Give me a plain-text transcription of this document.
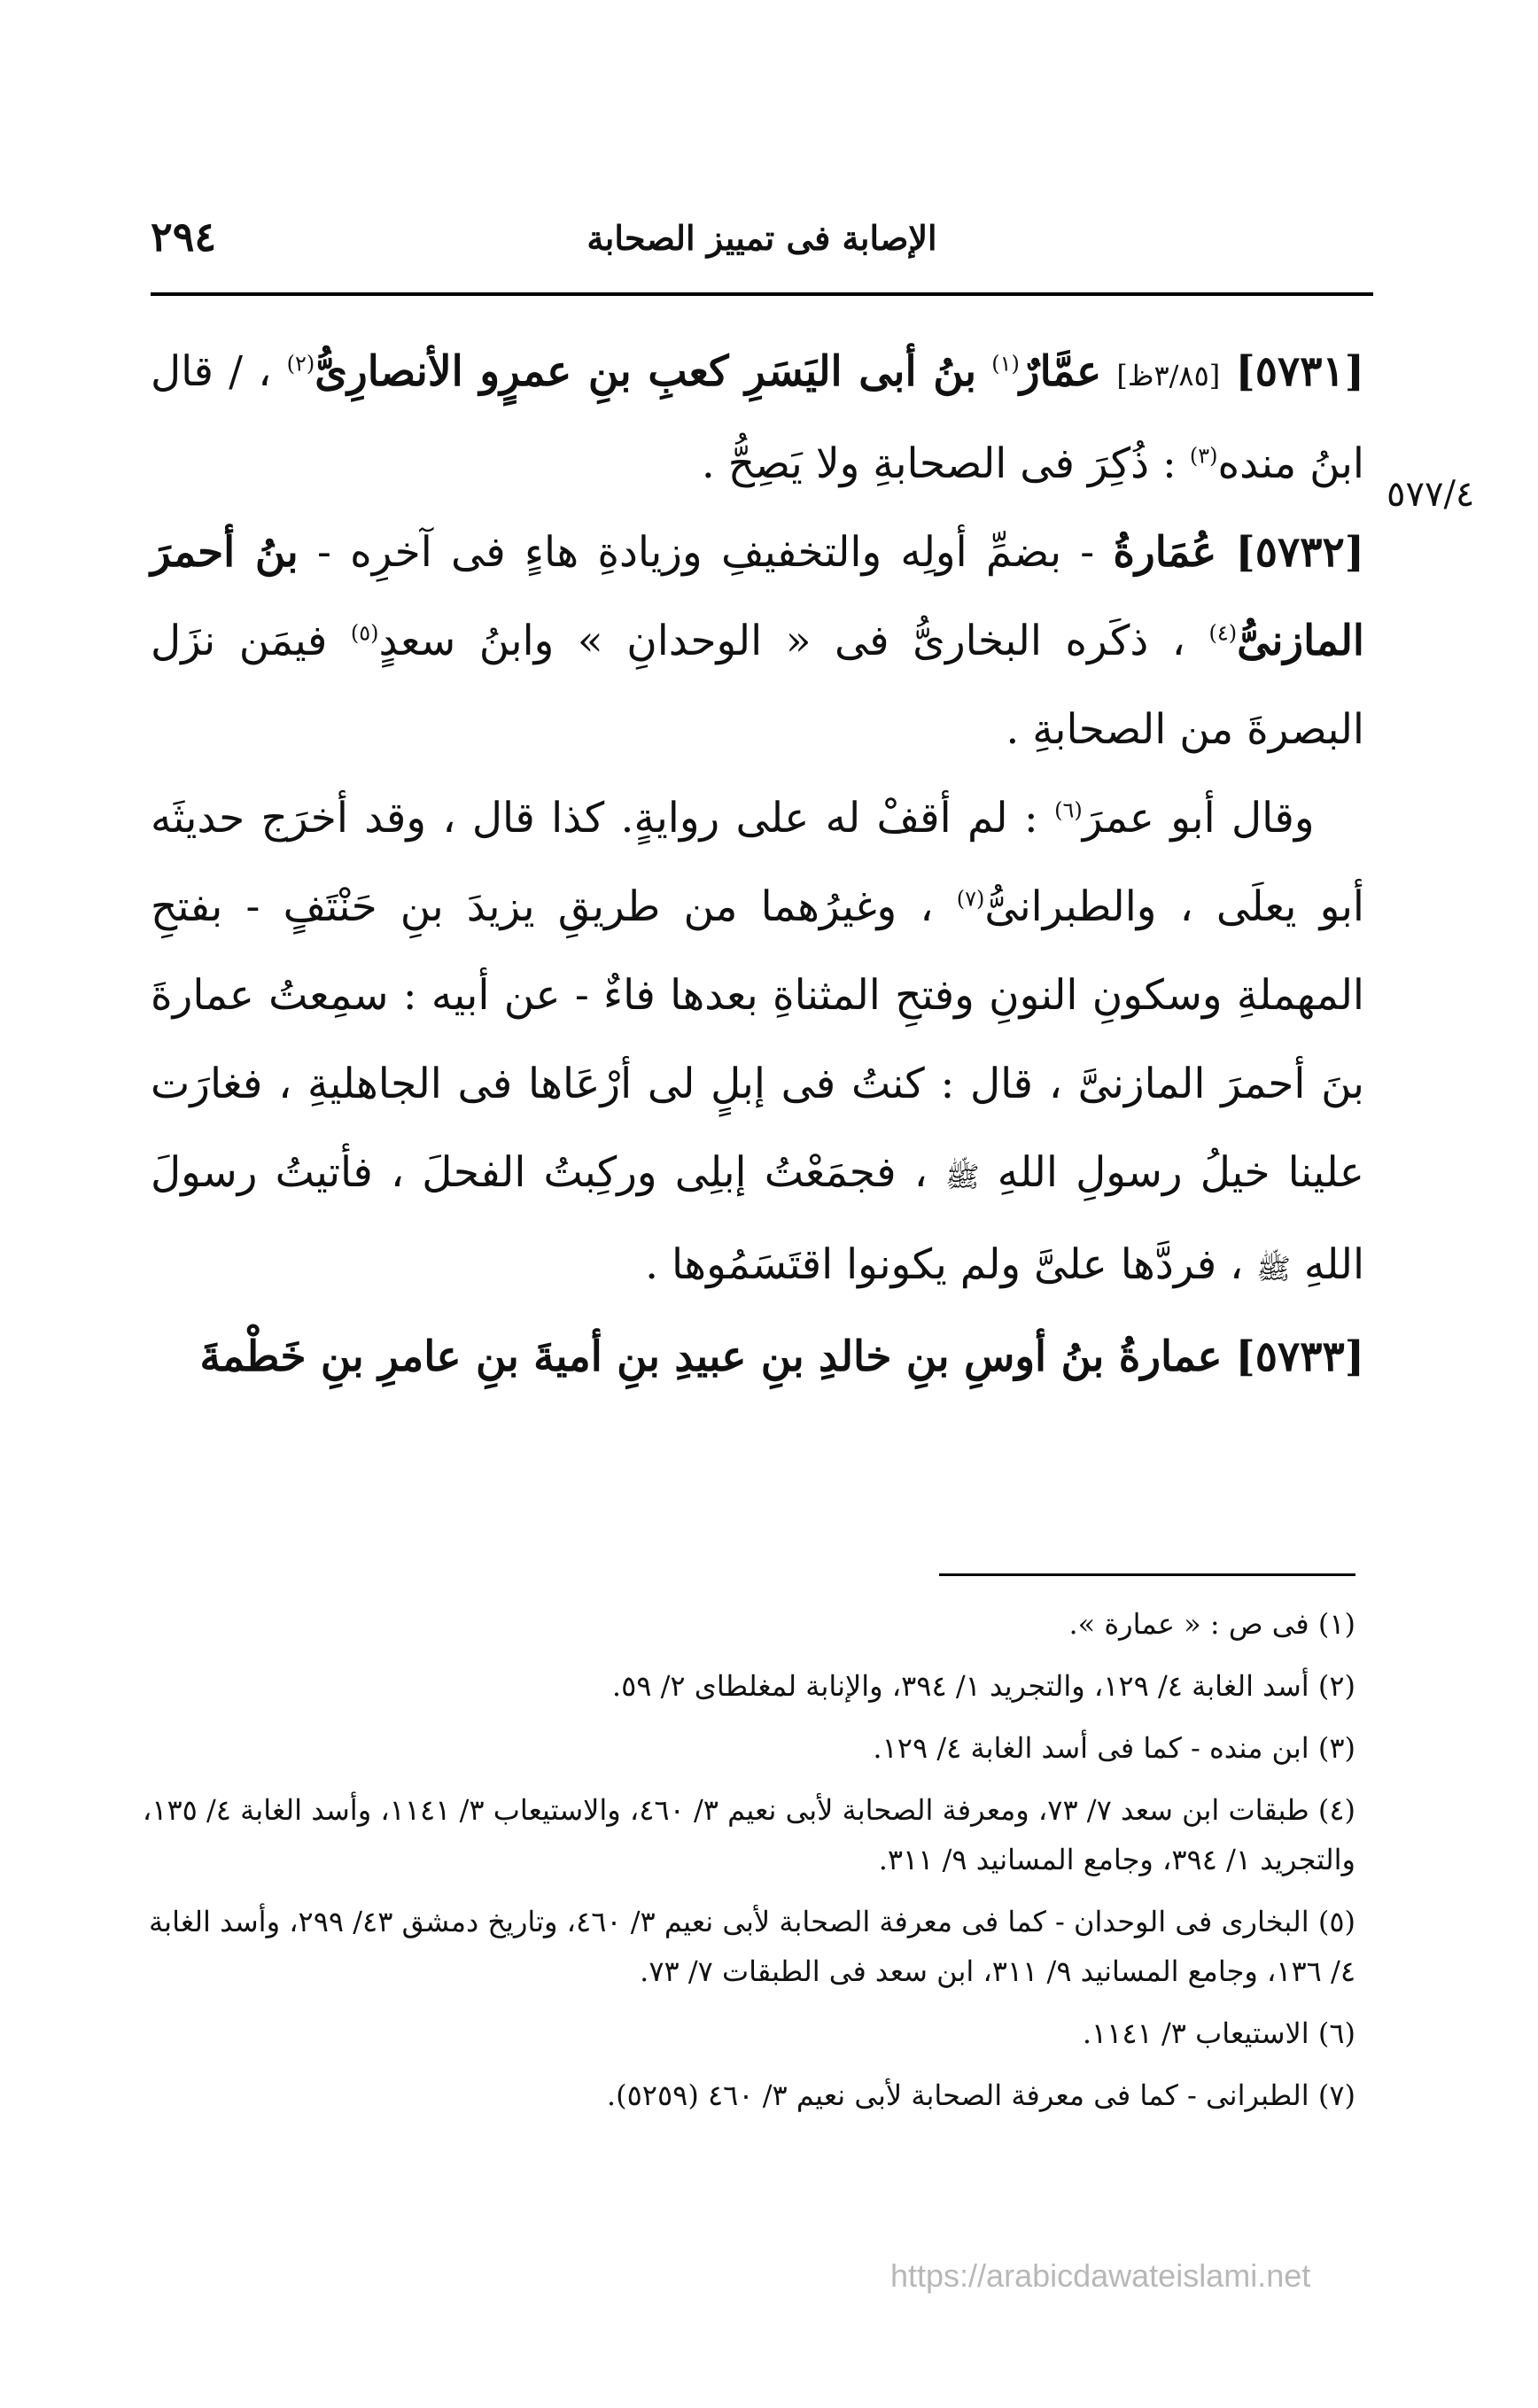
٢٩٤	الإصابة فى تمييز الصحابة
٥٧٧/٤

[٥٧٣١] [٣/٨٥ظ] عمَّارٌ$^{(١)}$ بنُ أبى اليَسَرِ كعبِ بنِ عمرٍو الأنصارِىُّ$^{(٢)}$ ، / قال ابنُ منده$^{(٣)}$ : ذُكِرَ فى الصحابةِ ولا يَصِحُّ .

[٥٧٣٢] عُمَارةُ - بضمِّ أولِه والتخفيفِ وزيادةِ هاءٍ فى آخرِه - بنُ أحمرَ المازنىُّ$^{(٤)}$ ، ذكَره البخارىُّ فى « الوحدانِ » وابنُ سعدٍ$^{(٥)}$ فيمَن نزَل البصرةَ من الصحابةِ .

وقال أبو عمرَ$^{(٦)}$ : لم أقفْ له على روايةٍ. كذا قال ، وقد أخرَج حديثَه أبو يعلَى ، والطبرانىُّ$^{(٧)}$ ، وغيرُهما من طريقِ يزيدَ بنِ حَنْتَفٍ - بفتحِ المهملةِ وسكونِ النونِ وفتحِ المثناةِ بعدها فاءٌ - عن أبيه : سمِعتُ عمارةَ بنَ أحمرَ المازنىَّ ، قال : كنتُ فى إبلٍ لى أرْعَاها فى الجاهليةِ ، فغارَت علينا خيلُ رسولِ اللهِ ﷺ ، فجمَعْتُ إبلِى وركِبتُ الفحلَ ، فأتيتُ رسولَ اللهِ ﷺ ، فردَّها علىَّ ولم يكونوا اقتَسَمُوها .

[٥٧٣٣] عمارةُ بنُ أوسِ بنِ خالدِ بنِ عبيدِ بنِ أميةَ بنِ عامرِ بنِ خَطْمةَ

(١) فى ص : « عمارة ».

(٢) أسد الغابة ٤/ ١٢٩، والتجريد ١/ ٣٩٤، والإنابة لمغلطاى ٢/ ٥٩.

(٣) ابن منده - كما فى أسد الغابة ٤/ ١٢٩.

(٤) طبقات ابن سعد ٧/ ٧٣، ومعرفة الصحابة لأبى نعيم ٣/ ٤٦٠، والاستيعاب ٣/ ١١٤١، وأسد الغابة ٤/ ١٣٥، والتجريد ١/ ٣٩٤، وجامع المسانيد ٩/ ٣١١.

(٥) البخارى فى الوحدان - كما فى معرفة الصحابة لأبى نعيم ٣/ ٤٦٠، وتاريخ دمشق ٤٣/ ٢٩٩، وأسد الغابة ٤/ ١٣٦، وجامع المسانيد ٩/ ٣١١، ابن سعد فى الطبقات ٧/ ٧٣.

(٦) الاستيعاب ٣/ ١١٤١.

(٧) الطبرانى - كما فى معرفة الصحابة لأبى نعيم ٣/ ٤٦٠ (٥٢٥٩).

https://arabicdawateislami.net
